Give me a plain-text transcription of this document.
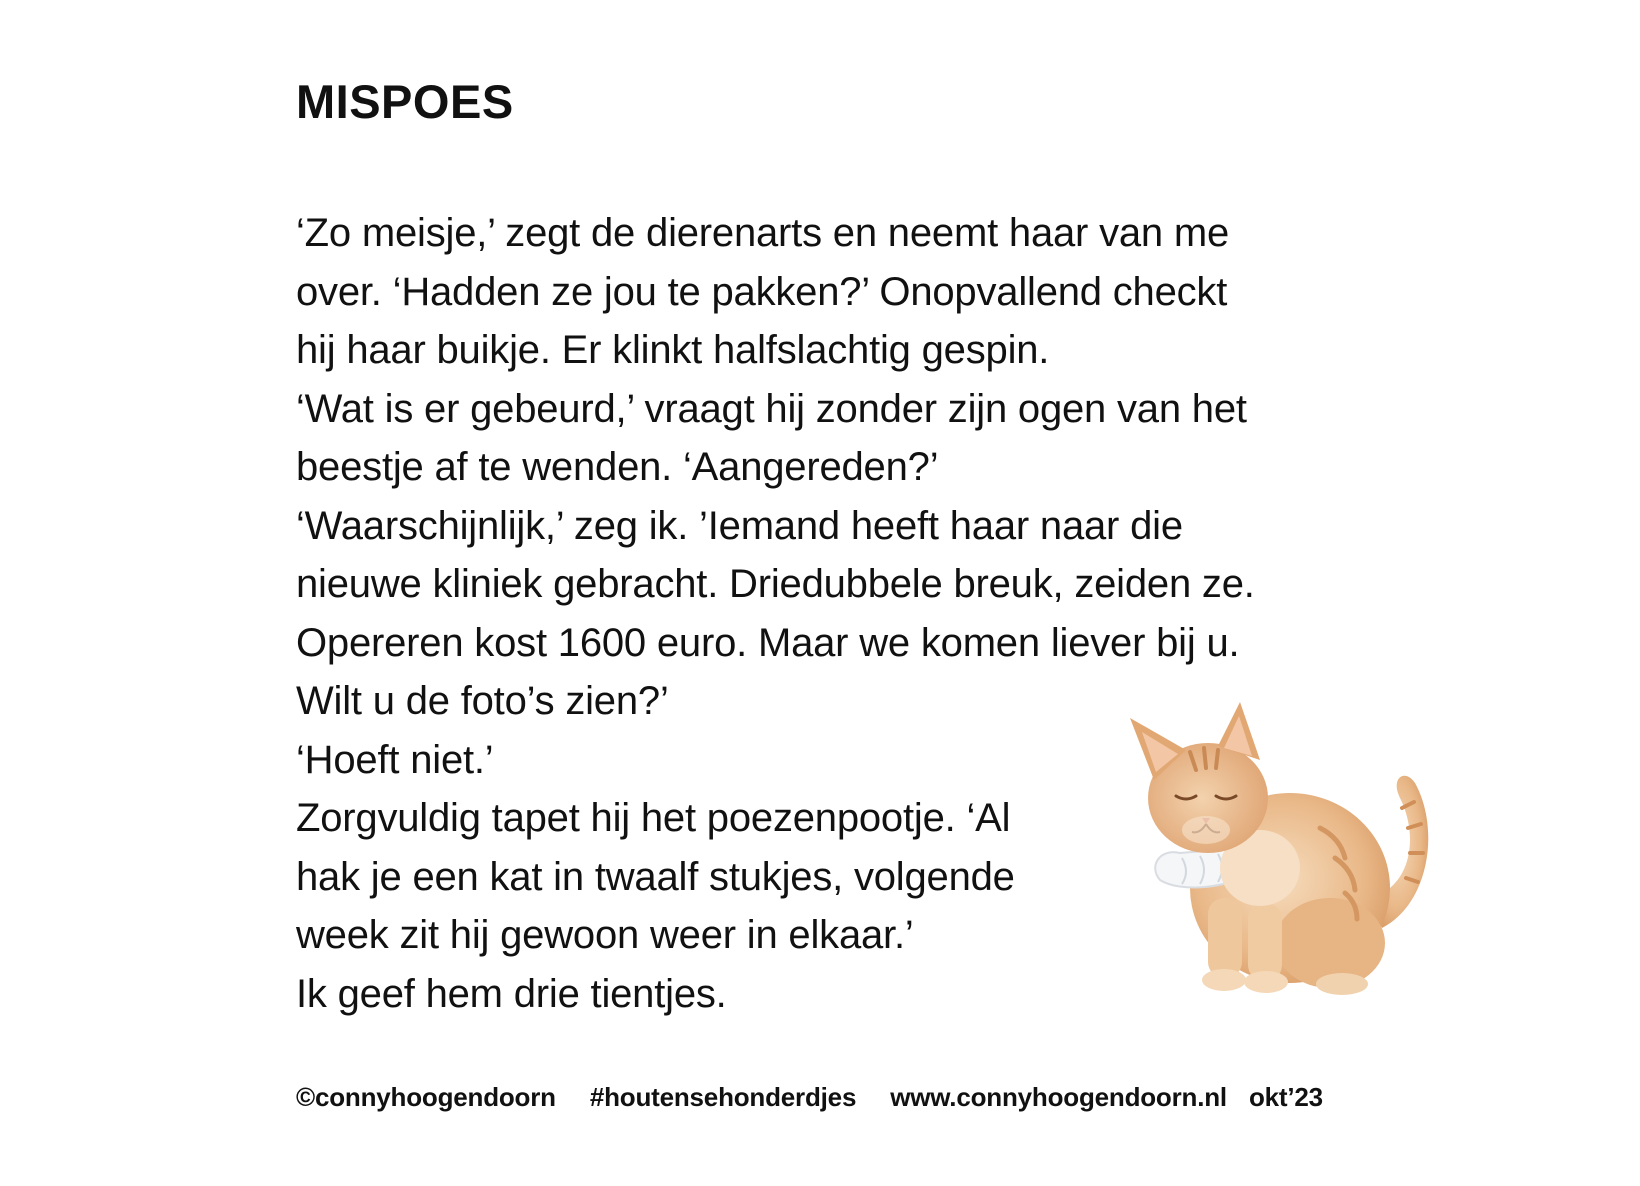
MISPOES
‘Zo meisje,’ zegt de dierenarts en neemt haar van me
over. ‘Hadden ze jou te pakken?’ Onopvallend checkt
hij haar buikje. Er klinkt halfslachtig gespin.
‘Wat is er gebeurd,’ vraagt hij zonder zijn ogen van het
beestje af te wenden. ‘Aangereden?’
‘Waarschijnlijk,’ zeg ik. ’Iemand heeft haar naar die
nieuwe kliniek gebracht. Driedubbele breuk, zeiden ze.
Opereren kost 1600 euro. Maar we komen liever bij u.
Wilt u de foto’s zien?’
‘Hoeft niet.’
Zorgvuldig tapet hij het poezenpootje. ‘Al
hak je een kat in twaalf stukjes, volgende
week zit hij gewoon weer in elkaar.’
Ik geef hem drie tientjes.
©connyhoogendoorn #houtensehonderdjes www.connyhoogendoorn.nl okt’23
